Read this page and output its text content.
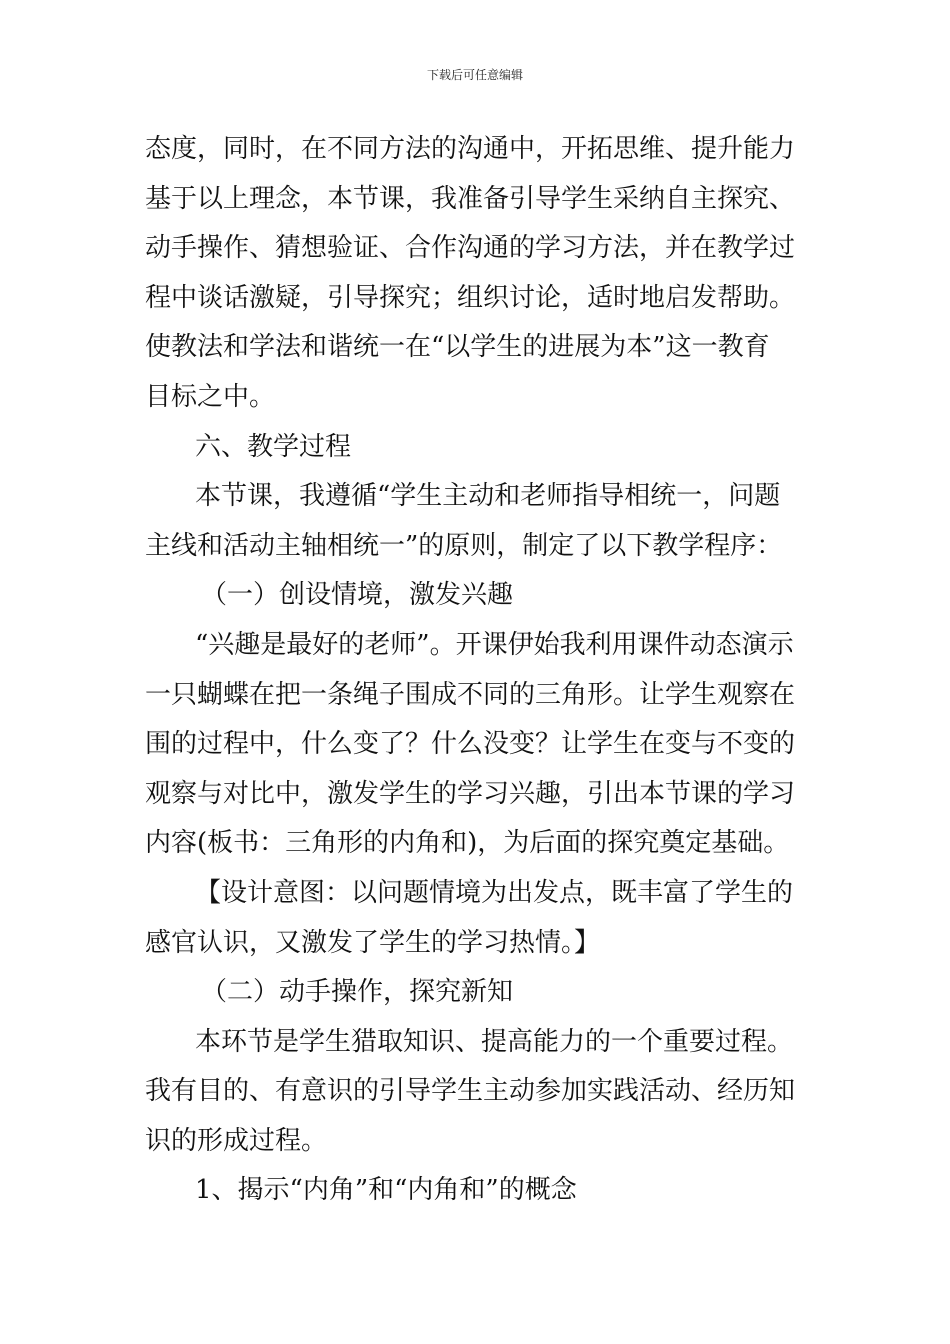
下载后可任意编辑
态度，同时，在不同方法的沟通中，开拓思维、提升能力
基于以上理念，本节课，我准备引导学生采纳自主探究、
动手操作、猜想验证、合作沟通的学习方法，并在教学过
程中谈话激疑，引导探究；组织讨论，适时地启发帮助。
使教法和学法和谐统一在“以学生的进展为本”这一教育
目标之中。
六、教学过程
本节课，我遵循“学生主动和老师指导相统一，问题
主线和活动主轴相统一”的原则，制定了以下教学程序：
（一）创设情境，激发兴趣
“兴趣是最好的老师”。开课伊始我利用课件动态演示
一只蝴蝶在把一条绳子围成不同的三角形。让学生观察在
围的过程中，什么变了？什么没变？让学生在变与不变的
观察与对比中，激发学生的学习兴趣，引出本节课的学习
内容(板书：三角形的内角和)，为后面的探究奠定基础。
【设计意图：以问题情境为出发点，既丰富了学生的
感官认识，又激发了学生的学习热情。】
（二）动手操作，探究新知
本环节是学生猎取知识、提高能力的一个重要过程。
我有目的、有意识的引导学生主动参加实践活动、经历知
识的形成过程。
1、揭示“内角”和“内角和”的概念
